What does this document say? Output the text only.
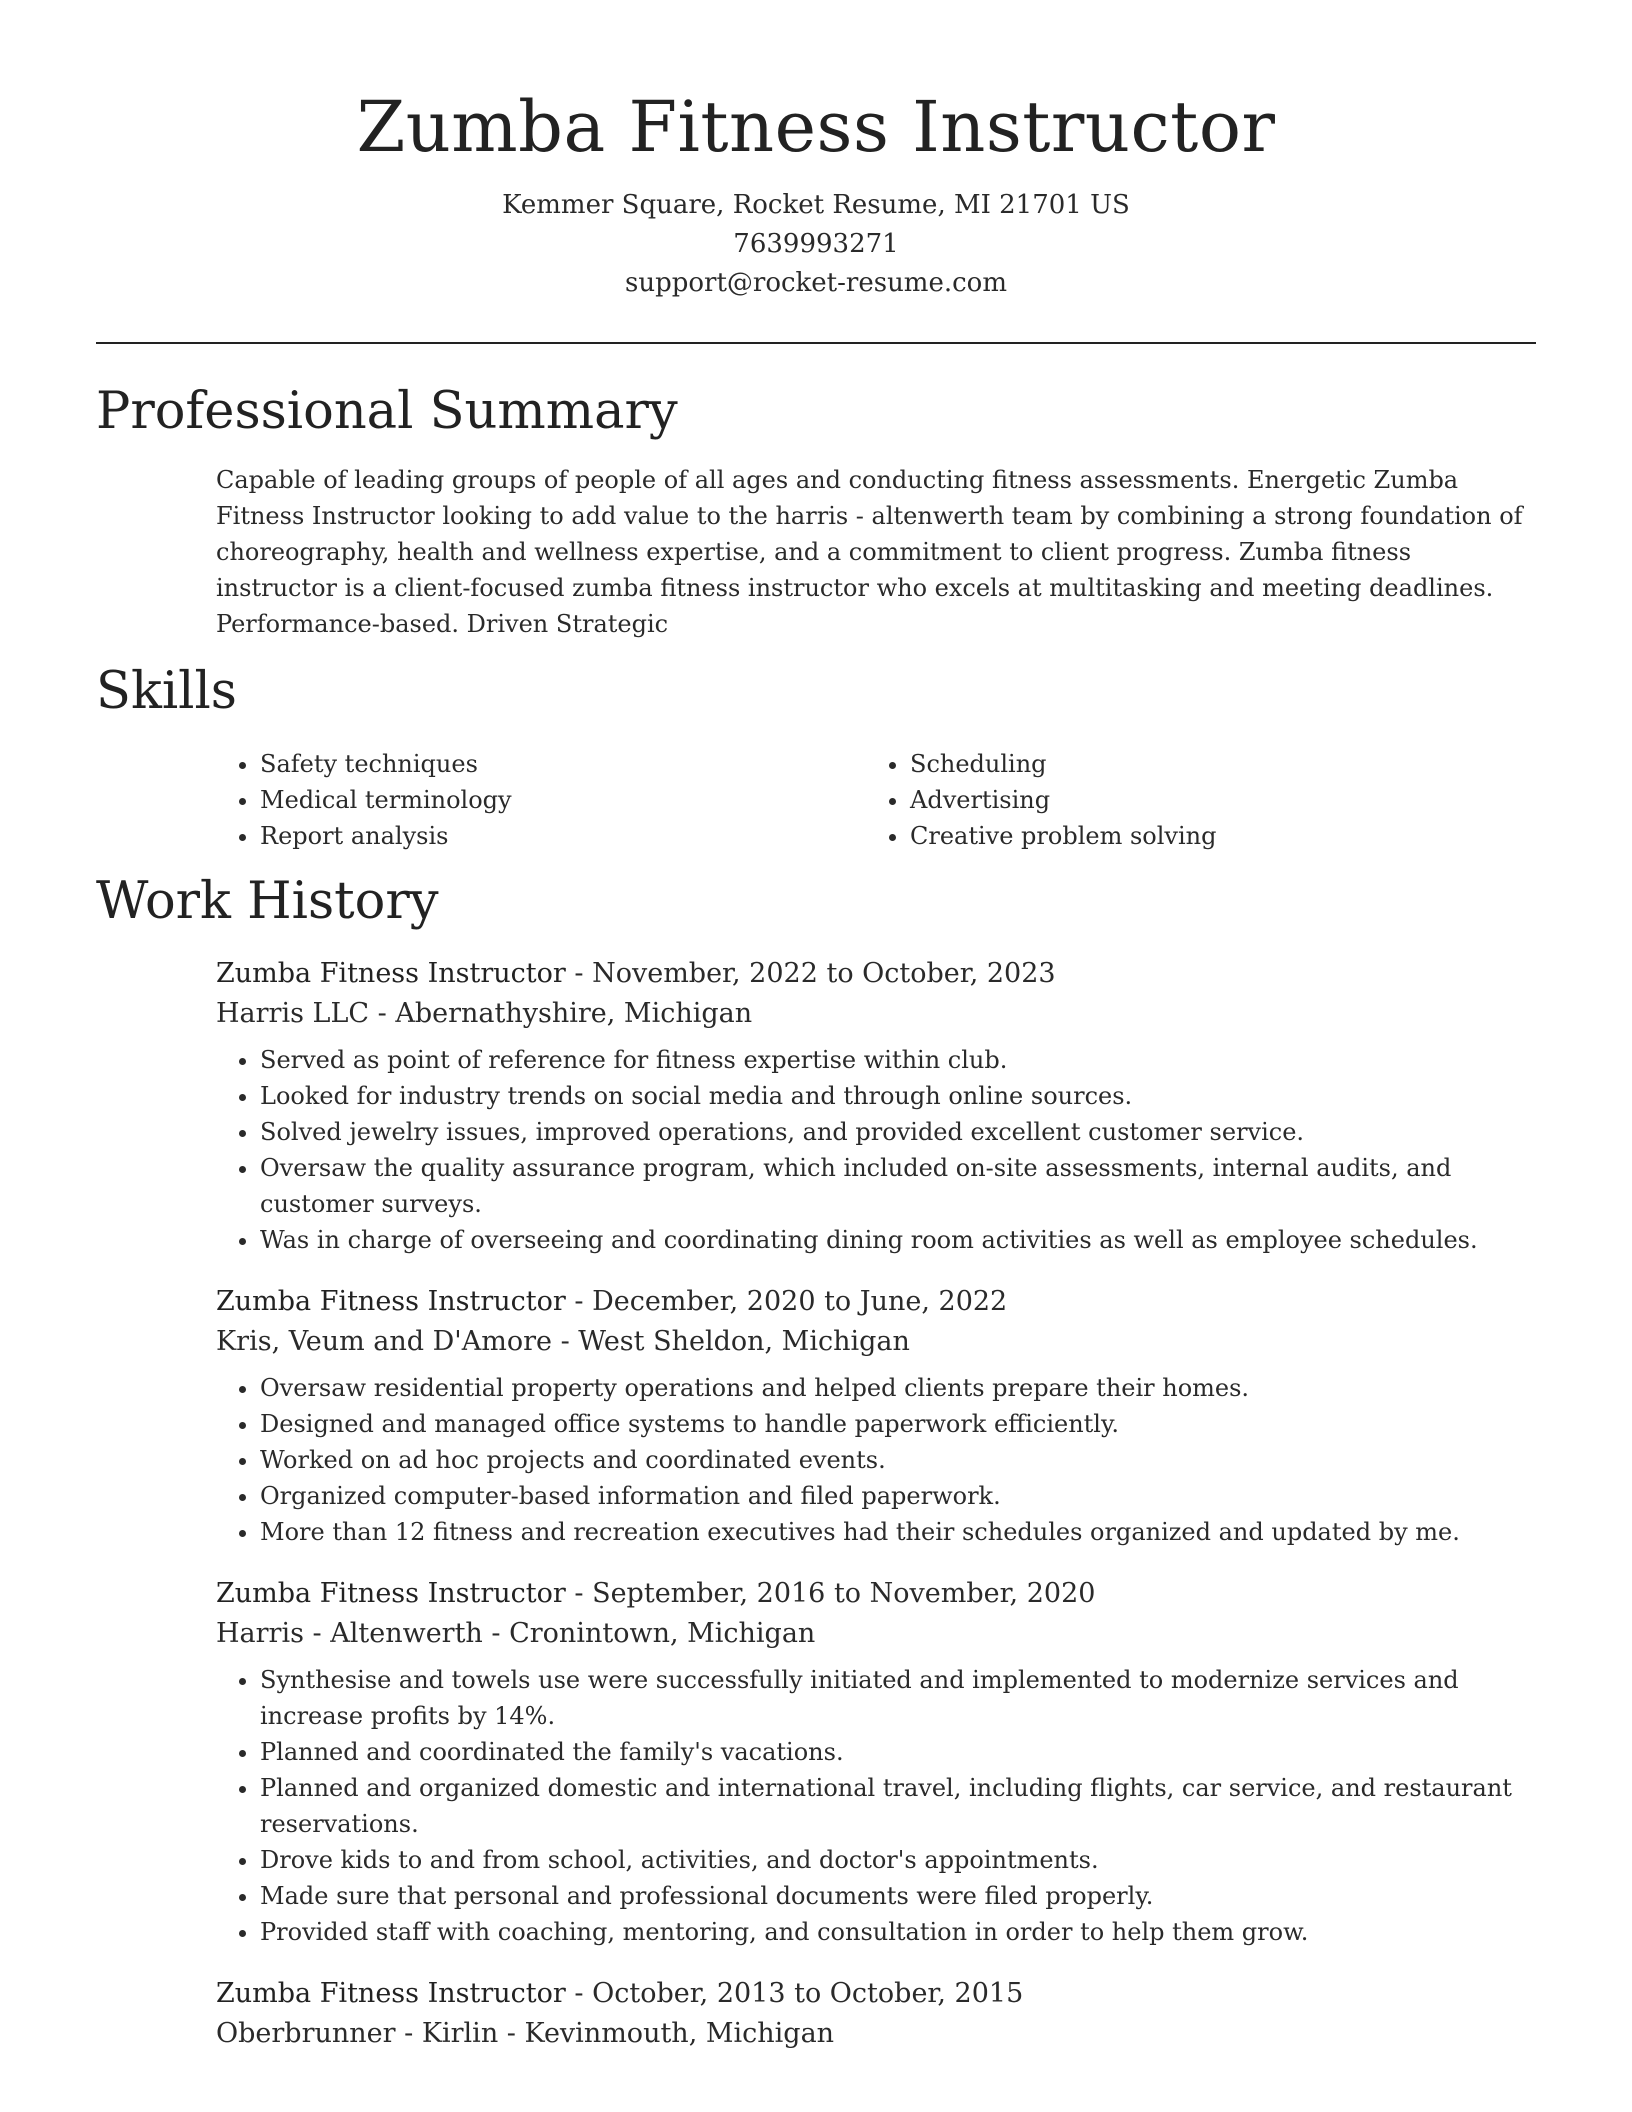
Zumba Fitness Instructor
Kemmer Square, Rocket Resume, MI 21701 US
7639993271
support@rocket-resume.com
Professional Summary

Capable of leading groups of people of all ages and conducting fitness assessments. Energetic Zumba Fitness Instructor looking to add value to the harris - altenwerth team by combining a strong foundation of choreography, health and wellness expertise, and a commitment to client progress. Zumba fitness instructor is a client-focused zumba fitness instructor who excels at multitasking and meeting deadlines. Performance-based. Driven Strategic

Skills
• Safety techniques
• Medical terminology
• Report analysis
• Scheduling
• Advertising
• Creative problem solving
Work History
Zumba Fitness Instructor - November, 2022 to October, 2023
Harris LLC - Abernathyshire, Michigan
• Served as point of reference for fitness expertise within club.
• Looked for industry trends on social media and through online sources.
• Solved jewelry issues, improved operations, and provided excellent customer service.
• Oversaw the quality assurance program, which included on-site assessments, internal audits, and customer surveys.
• Was in charge of overseeing and coordinating dining room activities as well as employee schedules.
Zumba Fitness Instructor - December, 2020 to June, 2022
Kris, Veum and D'Amore - West Sheldon, Michigan
• Oversaw residential property operations and helped clients prepare their homes.
• Designed and managed office systems to handle paperwork efficiently.
• Worked on ad hoc projects and coordinated events.
• Organized computer-based information and filed paperwork.
• More than 12 fitness and recreation executives had their schedules organized and updated by me.
Zumba Fitness Instructor - September, 2016 to November, 2020
Harris - Altenwerth - Cronintown, Michigan
• Synthesise and towels use were successfully initiated and implemented to modernize services and increase profits by 14%.
• Planned and coordinated the family's vacations.
• Planned and organized domestic and international travel, including flights, car service, and restaurant reservations.
• Drove kids to and from school, activities, and doctor's appointments.
• Made sure that personal and professional documents were filed properly.
• Provided staff with coaching, mentoring, and consultation in order to help them grow.
Zumba Fitness Instructor - October, 2013 to October, 2015
Oberbrunner - Kirlin - Kevinmouth, Michigan
